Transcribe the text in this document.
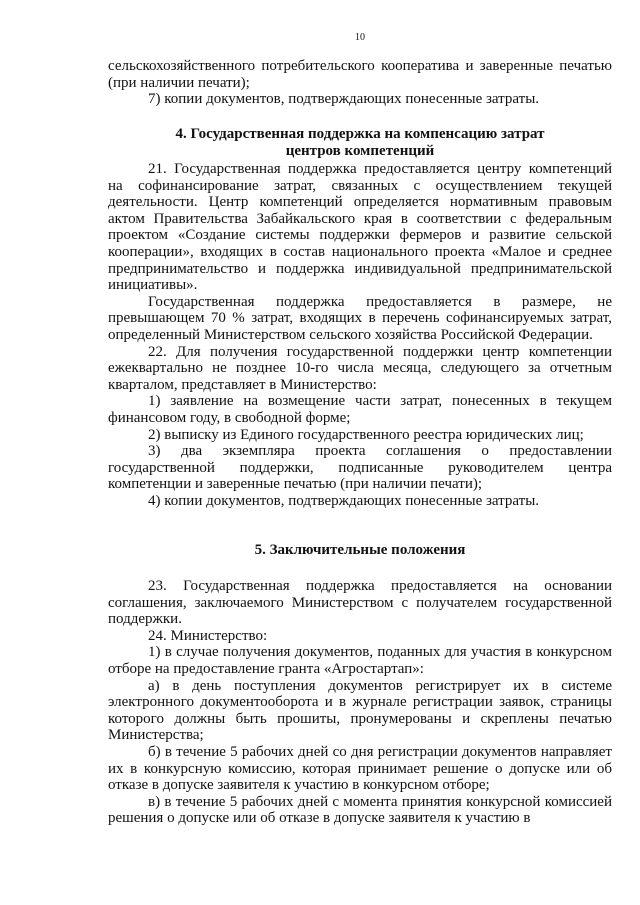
10

сельскохозяйственного потребительского кооператива и заверенные печатью (при наличии печати);

7) копии документов, подтверждающих понесенные затраты.

4. Государственная поддержка на компенсацию затрат

центров компетенций

21. Государственная поддержка предоставляется центру компетенций на софинансирование затрат, связанных с осуществлением текущей деятельности. Центр компетенций определяется нормативным правовым актом Правительства Забайкальского края в соответствии с федеральным проектом «Создание системы поддержки фермеров и развитие сельской кооперации», входящих в состав национального проекта «Малое и среднее предпринимательство и поддержка индивидуальной предпринимательской инициативы».

Государственная поддержка предоставляется в размере, не превышающем 70 % затрат, входящих в перечень софинансируемых затрат, определенный Министерством сельского хозяйства Российской Федерации.

22. Для получения государственной поддержки центр компетенции ежеквартально не позднее 10-го числа месяца, следующего за отчетным кварталом, представляет в Министерство:

1) заявление на возмещение части затрат, понесенных в текущем финансовом году, в свободной форме;

2) выписку из Единого государственного реестра юридических лиц;

3) два экземпляра проекта соглашения о предоставлении государственной поддержки, подписанные руководителем центра компетенции и заверенные печатью (при наличии печати);

4) копии документов, подтверждающих понесенные затраты.

5. Заключительные положения

23. Государственная поддержка предоставляется на основании соглашения, заключаемого Министерством с получателем государственной поддержки.

24. Министерство:

1) в случае получения документов, поданных для участия в конкурсном отборе на предоставление гранта «Агростартап»:

а) в день поступления документов регистрирует их в системе электронного документооборота и в журнале регистрации заявок, страницы которого должны быть прошиты, пронумерованы и скреплены печатью Министерства;

б) в течение 5 рабочих дней со дня регистрации документов направляет их в конкурсную комиссию, которая принимает решение о допуске или об отказе в допуске заявителя к участию в конкурсном отборе;

в) в течение 5 рабочих дней с момента принятия конкурсной комиссией решения о допуске или об отказе в допуске заявителя к участию в
